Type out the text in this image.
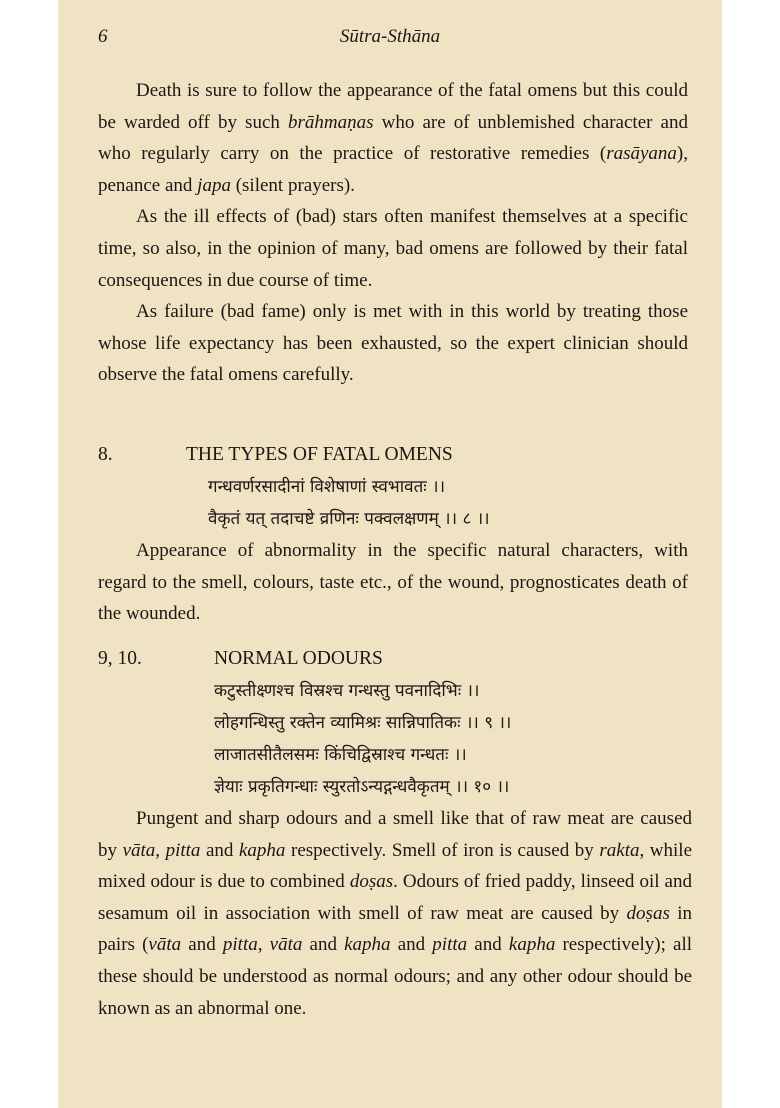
6	Sūtra-Sthāna

Death is sure to follow the appearance of the fatal omens but this could be warded off by such brāhmaṇas who are of unblemished character and who regularly carry on the practice of restorative remedies (rasāyana), penance and japa (silent prayers).

As the ill effects of (bad) stars often manifest themselves at a specific time, so also, in the opinion of many, bad omens are followed by their fatal consequences in due course of time.

As failure (bad fame) only is met with in this world by treating those whose life expectancy has been exhausted, so the expert clinician should observe the fatal omens carefully.

8.	THE TYPES OF FATAL OMENS

गन्धवर्णरसादीनां विशेषाणां स्वभावतः ।।

वैकृतं यत् तदाचष्टे व्रणिनः पक्वलक्षणम् ।। ८ ।।

Appearance of abnormality in the specific natural characters, with regard to the smell, colours, taste etc., of the wound, prognosticates death of the wounded.

9, 10.	NORMAL ODOURS

कटुस्तीक्ष्णश्च विस्रश्च गन्धस्तु पवनादिभिः ।।

लोहगन्धिस्तु रक्तेन व्यामिश्रः सान्निपातिकः ।। ९ ।।

लाजातसीतैलसमः किंचिद्विस्राश्च गन्धतः ।।

ज्ञेयाः प्रकृतिगन्धाः स्युरतोऽन्यद्गन्धवैकृतम् ।। १० ।।

Pungent and sharp odours and a smell like that of raw meat are caused by vāta, pitta and kapha respectively. Smell of iron is caused by rakta, while mixed odour is due to combined doṣas. Odours of fried paddy, linseed oil and sesamum oil in association with smell of raw meat are caused by doṣas in pairs (vāta and pitta, vāta and kapha and pitta and kapha respectively); all these should be understood as normal odours; and any other odour should be known as an abnormal one.
